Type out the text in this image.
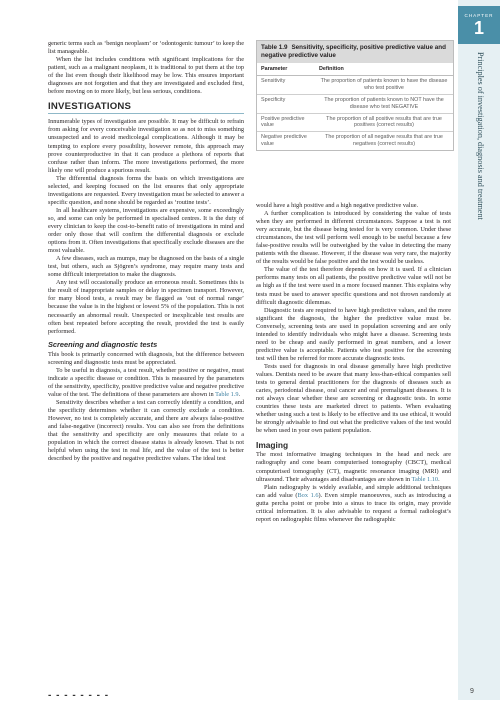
generic terms such as ‘benign neoplasm’ or ‘odontogenic tumour’ to keep the list manageable.

When the list includes conditions with significant implications for the patient, such as a malignant neoplasm, it is traditional to put them at the top of the list even though their likelihood may be low. This ensures important diagnoses are not forgotten and that they are investigated and excluded first, before moving on to more likely, but less serious, conditions.

INVESTIGATIONS

Innumerable types of investigation are possible. It may be difficult to refrain from asking for every conceivable investigation so as not to miss something unsuspected and to avoid medicolegal complications. Although it may be tempting to explore every possibility, however remote, this approach may prove counterproductive in that it can produce a plethora of reports that confuse rather than inform. The more investigations performed, the more likely one will produce a spurious result.

The differential diagnosis forms the basis on which investigations are selected, and keeping focused on the list ensures that only appropriate investigations are requested. Every investigation must be selected to answer a specific question, and none should be regarded as ‘routine tests’.

In all healthcare systems, investigations are expensive, some exceedingly so, and some can only be performed in specialised centres. It is the duty of every clinician to keep the cost-to-benefit ratio of investigations in mind and order only those that will confirm the differential diagnosis or exclude options from it. Often investigations that specifically exclude diseases are the most valuable.

A few diseases, such as mumps, may be diagnosed on the basis of a single test, but others, such as Sjögren’s syndrome, may require many tests and some difficult interpretation to make the diagnosis.

Any test will occasionally produce an erroneous result. Sometimes this is the result of inappropriate samples or delay in specimen transport. However, for many blood tests, a result may be flagged as ‘out of normal range’ because the value is in the highest or lowest 5% of the population. This is not necessarily an abnormal result. Unexpected or inexplicable test results are often best repeated before accepting the result, provided the test is easily performed.

Screening and diagnostic tests

This book is primarily concerned with diagnosis, but the difference between screening and diagnostic tests must be appreciated.

To be useful in diagnosis, a test result, whether positive or negative, must indicate a specific disease or condition. This is measured by the parameters of the sensitivity, specificity, positive predictive value and negative predictive value of the test. The definitions of these parameters are shown in Table 1.9.

Sensitivity describes whether a test can correctly identify a condition, and the specificity determines whether it can correctly exclude a condition. However, no test is completely accurate, and there are always false-positive and false-negative (incorrect) results. You can also see from the definitions that the sensitivity and specificity are only measures that relate to a population in which the correct disease status is already known. That is not helpful when using the test in real life, and the value of the test is better described by the positive and negative predictive values. The ideal test

Table 1.9 Sensitivity, specificity, positive predictive value and negative predictive value
Parameter	Definition
Sensitivity	The proportion of patients known to have the disease who test positive
Specificity	The proportion of patients known to NOT have the disease who test NEGATIVE
Positive predictive value	The proportion of all positive results that are true positives (correct results)
Negative predictive value	The proportion of all negative results that are true negatives (correct results)

would have a high positive and a high negative predictive value.

A further complication is introduced by considering the value of tests when they are performed in different circumstances. Suppose a test is not very accurate, but the disease being tested for is very common. Under these circumstances, the test will perform well enough to be useful because a few false-positive results will be outweighed by the value in detecting the many patients with the disease. However, if the disease was very rare, the majority of the results would be false positive and the test would be useless.

The value of the test therefore depends on how it is used. If a clinician performs many tests on all patients, the positive predictive value will not be as high as if the test were used in a more focused manner. This explains why tests must be used to answer specific questions and not thrown randomly at difficult diagnostic dilemmas.

Diagnostic tests are required to have high predictive values, and the more significant the diagnosis, the higher the predictive value must be. Conversely, screening tests are used in population screening and are only intended to identify individuals who might have a disease. Screening tests need to be cheap and easily performed in great numbers, and a lower predictive value is acceptable. Patients who test positive for the screening test will then be referred for more accurate diagnostic tests.

Tests used for diagnosis in oral disease generally have high predictive values. Dentists need to be aware that many less-than-ethical companies sell tests to general dental practitioners for the diagnosis of diseases such as caries, periodontal disease, oral cancer and oral premalignant diseases. It is not always clear whether these are screening or diagnostic tests. In some countries these tests are marketed direct to patients. When evaluating whether using such a test is likely to be effective and its use ethical, it would be strongly advisable to find out what the predictive values of the test would be when used in your own patient population.

Imaging

The most informative imaging techniques in the head and neck are radiography and cone beam computerised tomography (CBCT), medical computerised tomography (CT), magnetic resonance imaging (MRI) and ultrasound. Their advantages and disadvantages are shown in Table 1.10.

Plain radiography is widely available, and simple additional techniques can add value (Box 1.6). Even simple manoeuvres, such as introducing a gutta percha point or probe into a sinus to trace its origin, may provide critical information. It is also advisable to request a formal radiologist’s report on radiographic films whenever the radiographic

CHAPTER
1
Principles of investigation, diagnosis and treatment
9
- - - - - - - -
